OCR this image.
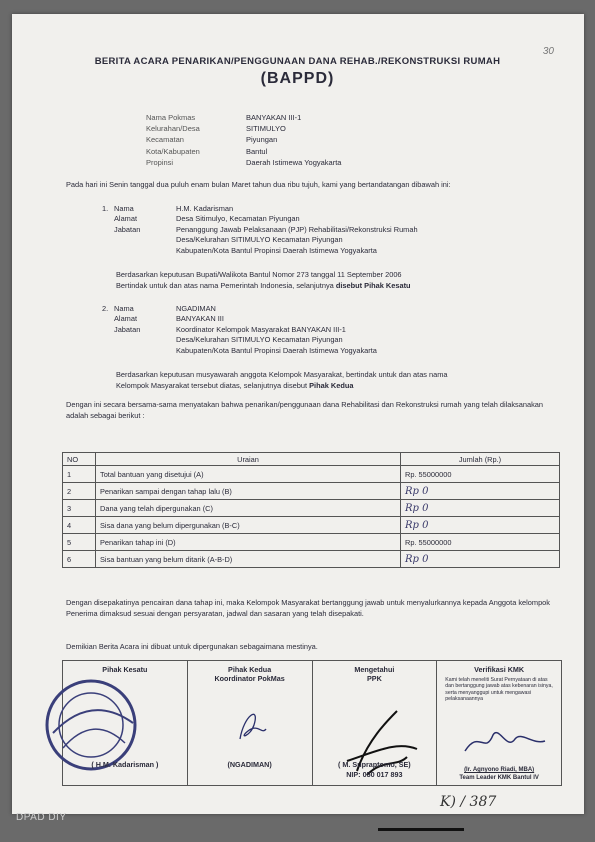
30
BERITA ACARA PENARIKAN/PENGGUNAAN DANA REHAB./REKONSTRUKSI RUMAH
(BAPPD)
Nama Pokmas	BANYAKAN III-1
Kelurahan/Desa	SITIMULYO
Kecamatan	Piyungan
Kota/Kabupaten	Bantul
Propinsi	Daerah Istimewa Yogyakarta
Pada hari ini Senin tanggal dua puluh enam bulan Maret tahun dua ribu tujuh, kami yang bertandatangan dibawah ini:
1. Nama	H.M. Kadarisman
Alamat	Desa Sitimulyo, Kecamatan Piyungan
Jabatan	Penanggung Jawab Pelaksanaan (PJP) Rehabilitasi/Rekonstruksi Rumah
Desa/Kelurahan SITIMULYO Kecamatan Piyungan
Kabupaten/Kota Bantul Propinsi Daerah Istimewa Yogyakarta
Berdasarkan keputusan Bupati/Walikota Bantul Nomor 273 tanggal 11 September 2006
Bertindak untuk dan atas nama Pemerintah Indonesia, selanjutnya disebut Pihak Kesatu
2. Nama	NGADIMAN
Alamat	BANYAKAN III
Jabatan	Koordinator Kelompok Masyarakat BANYAKAN III-1
Desa/Kelurahan SITIMULYO Kecamatan Piyungan
Kabupaten/Kota Bantul Propinsi Daerah Istimewa Yogyakarta
Berdasarkan keputusan musyawarah anggota Kelompok Masyarakat, bertindak untuk dan atas nama
Kelompok Masyarakat tersebut diatas, selanjutnya disebut Pihak Kedua
Dengan ini secara bersama-sama menyatakan bahwa penarikan/penggunaan dana Rehabilitasi dan Rekonstruksi rumah yang telah dilaksanakan adalah sebagai berikut :
NO	Uraian	Jumlah (Rp.)
1	Total bantuan yang disetujui (A)	Rp. 55000000
2	Penarikan sampai dengan tahap lalu (B)	Rp 0
3	Dana yang telah dipergunakan (C)	Rp 0
4	Sisa dana yang belum dipergunakan (B-C)	Rp 0
5	Penarikan tahap ini (D)	Rp. 55000000
6	Sisa bantuan yang belum ditarik (A-B-D)	Rp 0
Dengan disepakatinya pencairan dana tahap ini, maka Kelompok Masyarakat bertanggung jawab untuk menyalurkannya kepada Anggota kelompok Penerima dimaksud sesuai dengan persyaratan, jadwal dan sasaran yang telah disepakati.
Demikian Berita Acara ini dibuat untuk dipergunakan sebagaimana mestinya.
Pihak Kesatu
( H.M. Kadarisman )
Pihak Kedua
Koordinator PokMas
(NGADIMAN)
Mengetahui
PPK
( M. Supraptomo, SE)
NIP: 050 017 893
Verifikasi KMK
Kami telah meneliti Surat Pernyataan di atas dan bertanggung jawab atas kebenaran isinya, serta menyanggupi untuk mengawasi pelaksanaannya
(Ir. Agnyono Riadi, MBA)
Team Leader KMK Bantul IV
K) / 387
DPAD DIY
